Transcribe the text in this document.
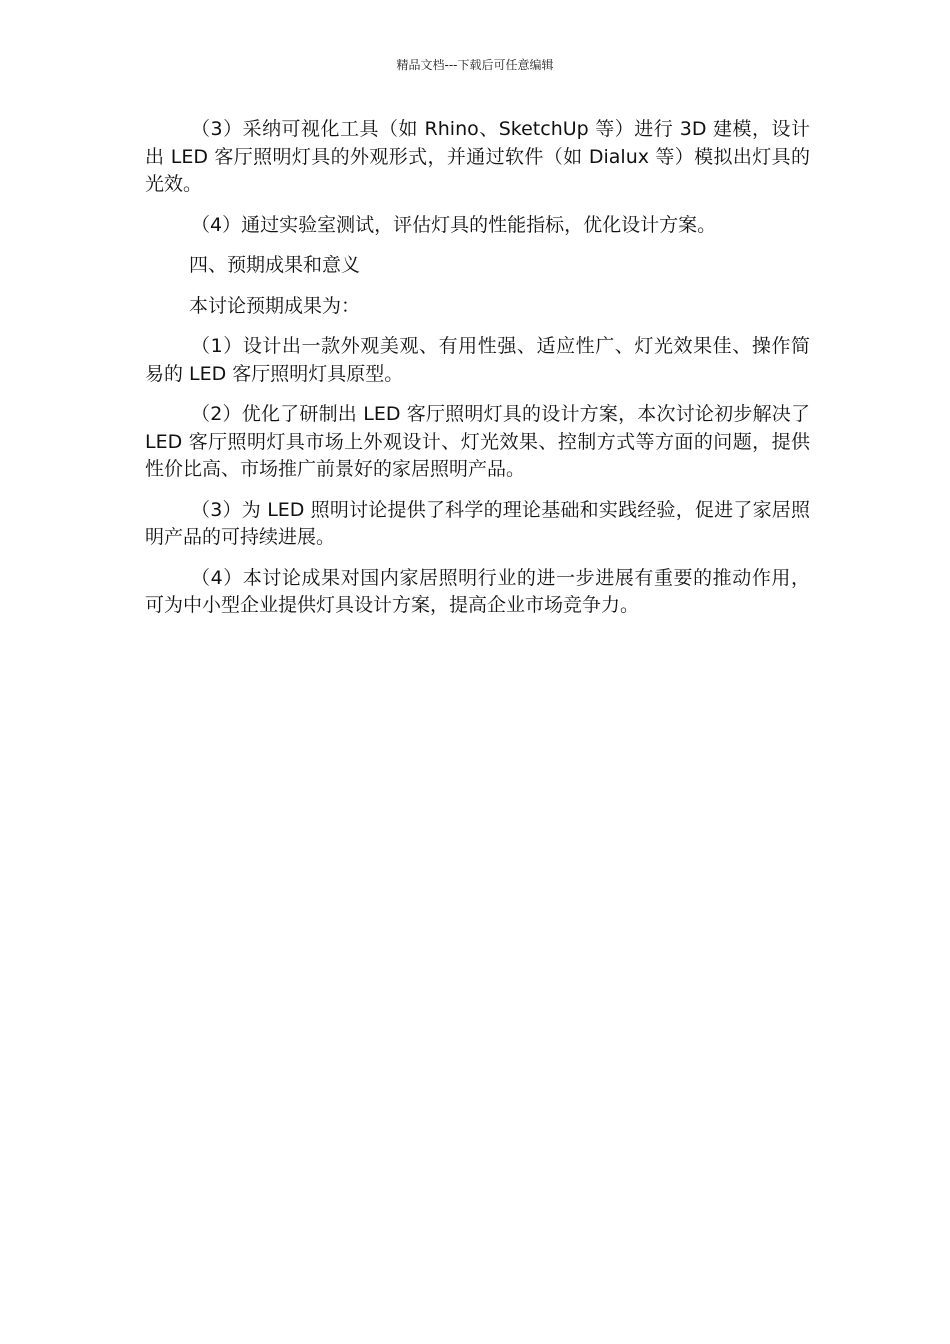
精品文档---下载后可任意编辑

（3）采纳可视化工具（如 Rhino、SketchUp 等）进行 3D 建模，设计出 LED 客厅照明灯具的外观形式，并通过软件（如 Dialux 等）模拟出灯具的光效。

（4）通过实验室测试，评估灯具的性能指标，优化设计方案。

四、预期成果和意义

本讨论预期成果为：

（1）设计出一款外观美观、有用性强、适应性广、灯光效果佳、操作简易的 LED 客厅照明灯具原型。

（2）优化了研制出 LED 客厅照明灯具的设计方案，本次讨论初步解决了 LED 客厅照明灯具市场上外观设计、灯光效果、控制方式等方面的问题，提供性价比高、市场推广前景好的家居照明产品。

（3）为 LED 照明讨论提供了科学的理论基础和实践经验，促进了家居照明产品的可持续进展。

（4）本讨论成果对国内家居照明行业的进一步进展有重要的推动作用，可为中小型企业提供灯具设计方案，提高企业市场竞争力。
